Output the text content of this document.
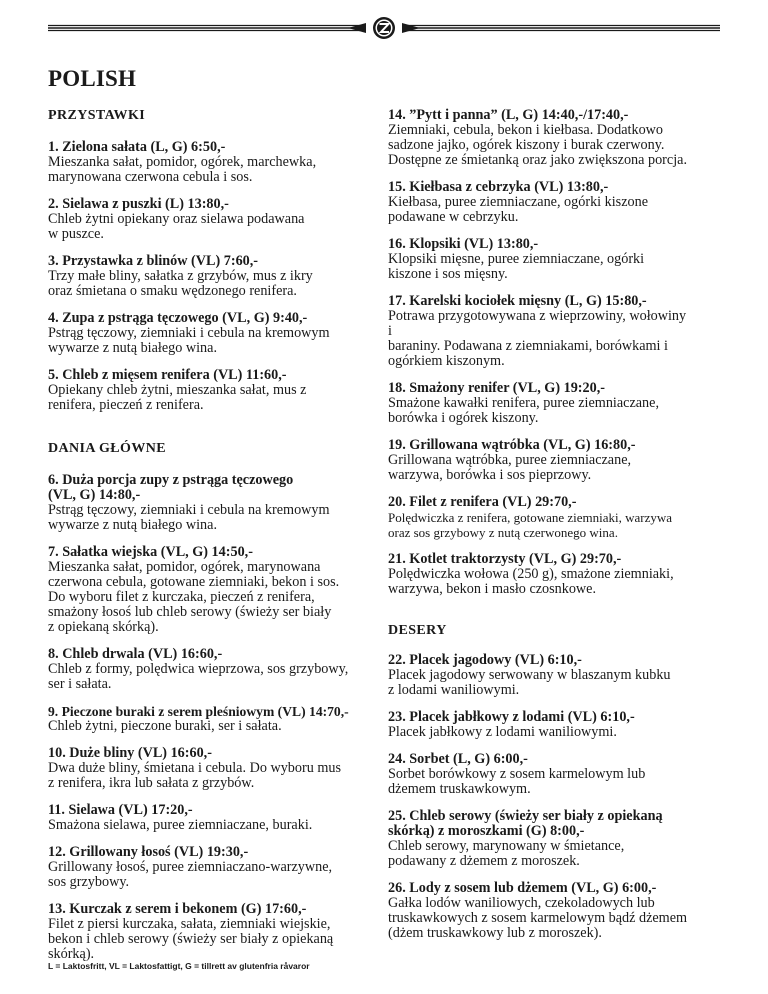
POLISH

PRZYSTAWKI

1. Zielona sałata (L, G) 6:50,-
Mieszanka sałat, pomidor, ogórek, marchewka,
marynowana czerwona cebula i sos.
2. Sielawa z puszki (L) 13:80,-
Chleb żytni opiekany oraz sielawa podawana
w puszce.
3. Przystawka z blinów (VL) 7:60,-
Trzy małe bliny, sałatka z grzybów, mus z ikry
oraz śmietana o smaku wędzonego renifera.
4. Zupa z pstrąga tęczowego (VL, G) 9:40,-
Pstrąg tęczowy, ziemniaki i cebula na kremowym
wywarze z nutą białego wina.
5. Chleb z mięsem renifera (VL) 11:60,-
Opiekany chleb żytni, mieszanka sałat, mus z
renifera, pieczeń z renifera.

DANIA GŁÓWNE

6. Duża porcja zupy z pstrąga tęczowego
(VL, G) 14:80,-
Pstrąg tęczowy, ziemniaki i cebula na kremowym
wywarze z nutą białego wina.
7. Sałatka wiejska (VL, G) 14:50,-
Mieszanka sałat, pomidor, ogórek, marynowana
czerwona cebula, gotowane ziemniaki, bekon i sos.
Do wyboru filet z kurczaka, pieczeń z renifera,
smażony łosoś lub chleb serowy (świeży ser biały
z opiekaną skórką).
8. Chleb drwala (VL) 16:60,-
Chleb z formy, polędwica wieprzowa, sos grzybowy,
ser i sałata.
9. Pieczone buraki z serem pleśniowym (VL) 14:70,-
Chleb żytni, pieczone buraki, ser i sałata.
10. Duże bliny (VL) 16:60,-
Dwa duże bliny, śmietana i cebula. Do wyboru mus
z renifera, ikra lub sałata z grzybów.
11. Sielawa (VL) 17:20,-
Smażona sielawa, puree ziemniaczane, buraki.
12. Grillowany łosoś (VL) 19:30,-
Grillowany łosoś, puree ziemniaczano-warzywne,
sos grzybowy.
13. Kurczak z serem i bekonem (G) 17:60,-
Filet z piersi kurczaka, sałata, ziemniaki wiejskie,
bekon i chleb serowy (świeży ser biały z opiekaną
skórką).
14. ”Pytt i panna” (L, G) 14:40,-/17:40,-
Ziemniaki, cebula, bekon i kiełbasa. Dodatkowo
sadzone jajko, ogórek kiszony i burak czerwony.
Dostępne ze śmietanką oraz jako zwiększona porcja.
15. Kiełbasa z cebrzyka (VL) 13:80,-
Kiełbasa, puree ziemniaczane, ogórki kiszone
podawane w cebrzyku.
16. Klopsiki (VL) 13:80,-
Klopsiki mięsne, puree ziemniaczane, ogórki
kiszone i sos mięsny.
17. Karelski kociołek mięsny (L, G) 15:80,-
Potrawa przygotowywana z wieprzowiny, wołowiny
i
baraniny. Podawana z ziemniakami, borówkami i
ogórkiem kiszonym.
18. Smażony renifer (VL, G) 19:20,-
Smażone kawałki renifera, puree ziemniaczane,
borówka i ogórek kiszony.
19. Grillowana wątróbka (VL, G) 16:80,-
Grillowana wątróbka, puree ziemniaczane,
warzywa, borówka i sos pieprzowy.
20. Filet z renifera (VL) 29:70,-
Polędwiczka z renifera, gotowane ziemniaki, warzywa
oraz sos grzybowy z nutą czerwonego wina.
21. Kotlet traktorzysty (VL, G) 29:70,-
Polędwiczka wołowa (250 g), smażone ziemniaki,
warzywa, bekon i masło czosnkowe.

DESERY

22. Placek jagodowy (VL) 6:10,-
Placek jagodowy serwowany w blaszanym kubku
z lodami waniliowymi.
23. Placek jabłkowy z lodami (VL) 6:10,-
Placek jabłkowy z lodami waniliowymi.
24. Sorbet (L, G) 6:00,-
Sorbet borówkowy z sosem karmelowym lub
dżemem truskawkowym.
25. Chleb serowy (świeży ser biały z opiekaną
skórką) z moroszkami (G) 8:00,-
Chleb serowy, marynowany w śmietance,
podawany z dżemem z moroszek.
26. Lody z sosem lub dżemem (VL, G) 6:00,-
Gałka lodów waniliowych, czekoladowych lub
truskawkowych z sosem karmelowym bądź dżemem
(dżem truskawkowy lub z moroszek).
L = Laktosfritt, VL = Laktosfattigt, G = tillrett av glutenfria råvaror
